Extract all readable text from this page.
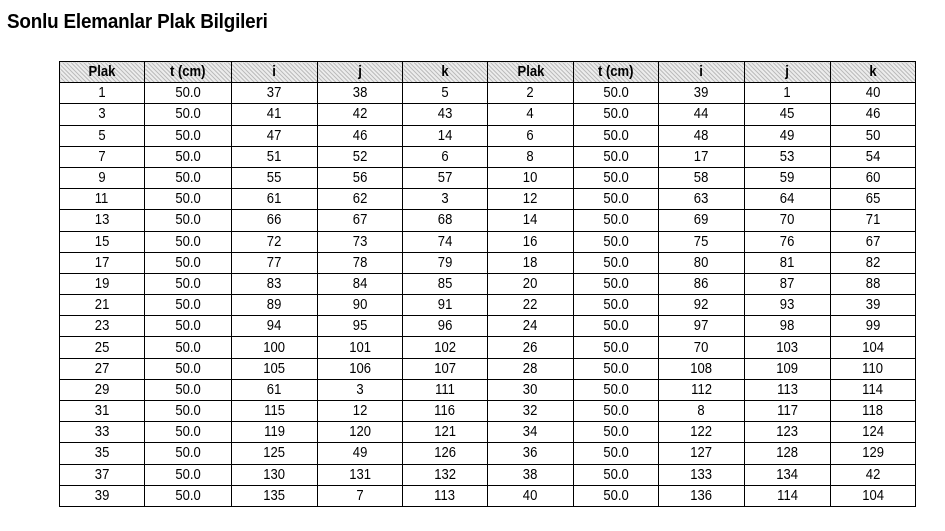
Sonlu Elemanlar Plak Bilgileri
Plak	t (cm)	i	j	k	Plak	t (cm)	i	j	k
1	50.0	37	38	5	2	50.0	39	1	40
3	50.0	41	42	43	4	50.0	44	45	46
5	50.0	47	46	14	6	50.0	48	49	50
7	50.0	51	52	6	8	50.0	17	53	54
9	50.0	55	56	57	10	50.0	58	59	60
11	50.0	61	62	3	12	50.0	63	64	65
13	50.0	66	67	68	14	50.0	69	70	71
15	50.0	72	73	74	16	50.0	75	76	67
17	50.0	77	78	79	18	50.0	80	81	82
19	50.0	83	84	85	20	50.0	86	87	88
21	50.0	89	90	91	22	50.0	92	93	39
23	50.0	94	95	96	24	50.0	97	98	99
25	50.0	100	101	102	26	50.0	70	103	104
27	50.0	105	106	107	28	50.0	108	109	110
29	50.0	61	3	111	30	50.0	112	113	114
31	50.0	115	12	116	32	50.0	8	117	118
33	50.0	119	120	121	34	50.0	122	123	124
35	50.0	125	49	126	36	50.0	127	128	129
37	50.0	130	131	132	38	50.0	133	134	42
39	50.0	135	7	113	40	50.0	136	114	104
